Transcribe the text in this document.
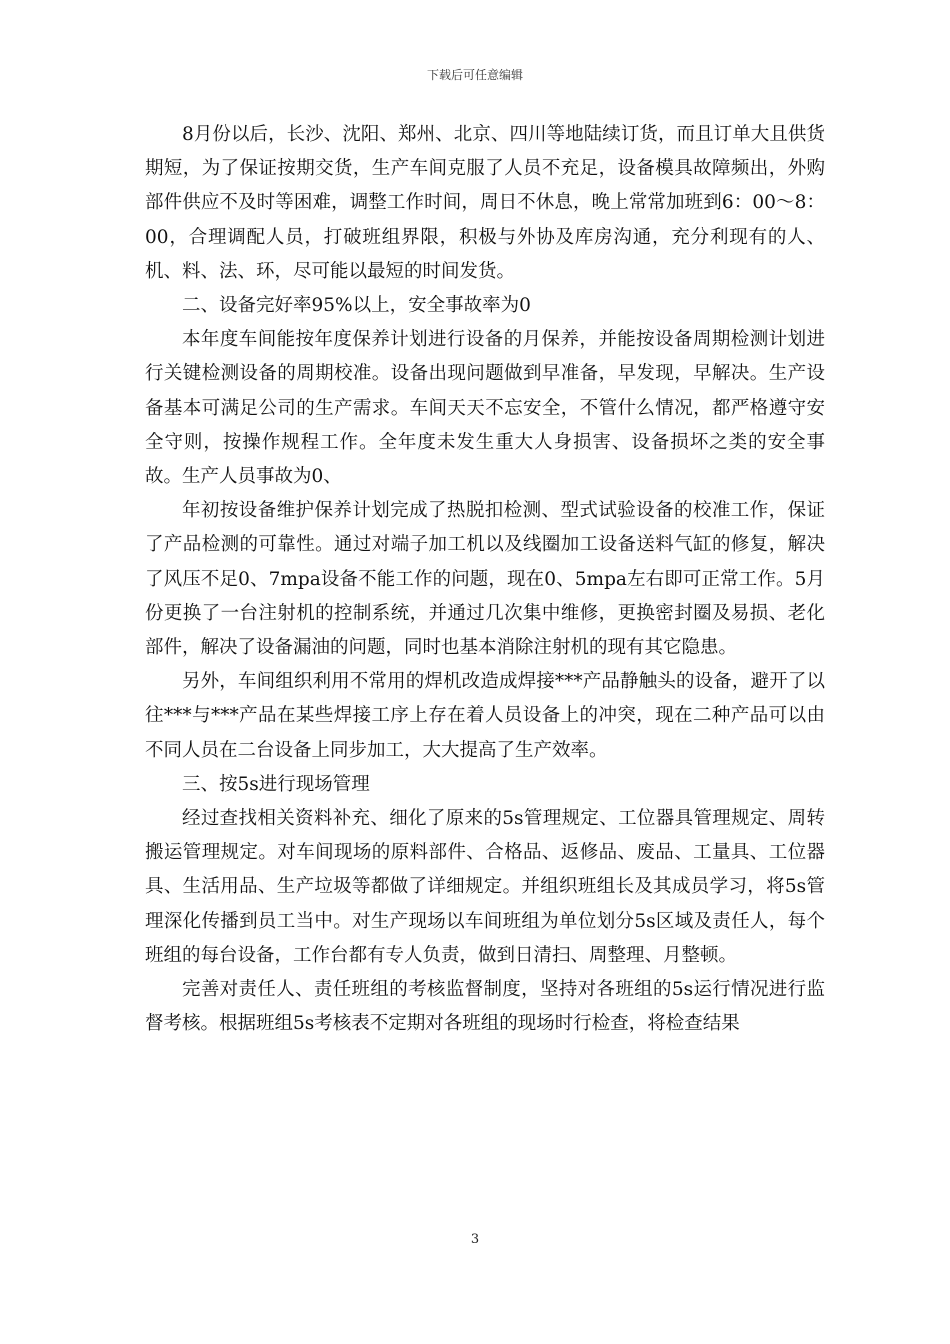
下载后可任意编辑

8月份以后，长沙、沈阳、郑州、北京、四川等地陆续订货，而且订单大且供货期短，为了保证按期交货，生产车间克服了人员不充足，设备模具故障频出，外购部件供应不及时等困难，调整工作时间，周日不休息，晚上常常加班到6：00～8：00，合理调配人员，打破班组界限，积极与外协及库房沟通，充分利现有的人、机、料、法、环，尽可能以最短的时间发货。

二、设备完好率95%以上，安全事故率为0

本年度车间能按年度保养计划进行设备的月保养，并能按设备周期检测计划进行关键检测设备的周期校准。设备出现问题做到早准备，早发现，早解决。生产设备基本可满足公司的生产需求。车间天天不忘安全，不管什么情况，都严格遵守安全守则，按操作规程工作。全年度未发生重大人身损害、设备损坏之类的安全事故。生产人员事故为0、

年初按设备维护保养计划完成了热脱扣检测、型式试验设备的校准工作，保证了产品检测的可靠性。通过对端子加工机以及线圈加工设备送料气缸的修复，解决了风压不足0、7mpa设备不能工作的问题，现在0、5mpa左右即可正常工作。5月份更换了一台注射机的控制系统，并通过几次集中维修，更换密封圈及易损、老化部件，解决了设备漏油的问题，同时也基本消除注射机的现有其它隐患。

另外，车间组织利用不常用的焊机改造成焊接***产品静触头的设备，避开了以往***与***产品在某些焊接工序上存在着人员设备上的冲突，现在二种产品可以由不同人员在二台设备上同步加工，大大提高了生产效率。

三、按5s进行现场管理

经过查找相关资料补充、细化了原来的5s管理规定、工位器具管理规定、周转搬运管理规定。对车间现场的原料部件、合格品、返修品、废品、工量具、工位器具、生活用品、生产垃圾等都做了详细规定。并组织班组长及其成员学习，将5s管理深化传播到员工当中。对生产现场以车间班组为单位划分5s区域及责任人，每个班组的每台设备，工作台都有专人负责，做到日清扫、周整理、月整顿。

完善对责任人、责任班组的考核监督制度，坚持对各班组的5s运行情况进行监督考核。根据班组5s考核表不定期对各班组的现场时行检查，将检查结果

3
